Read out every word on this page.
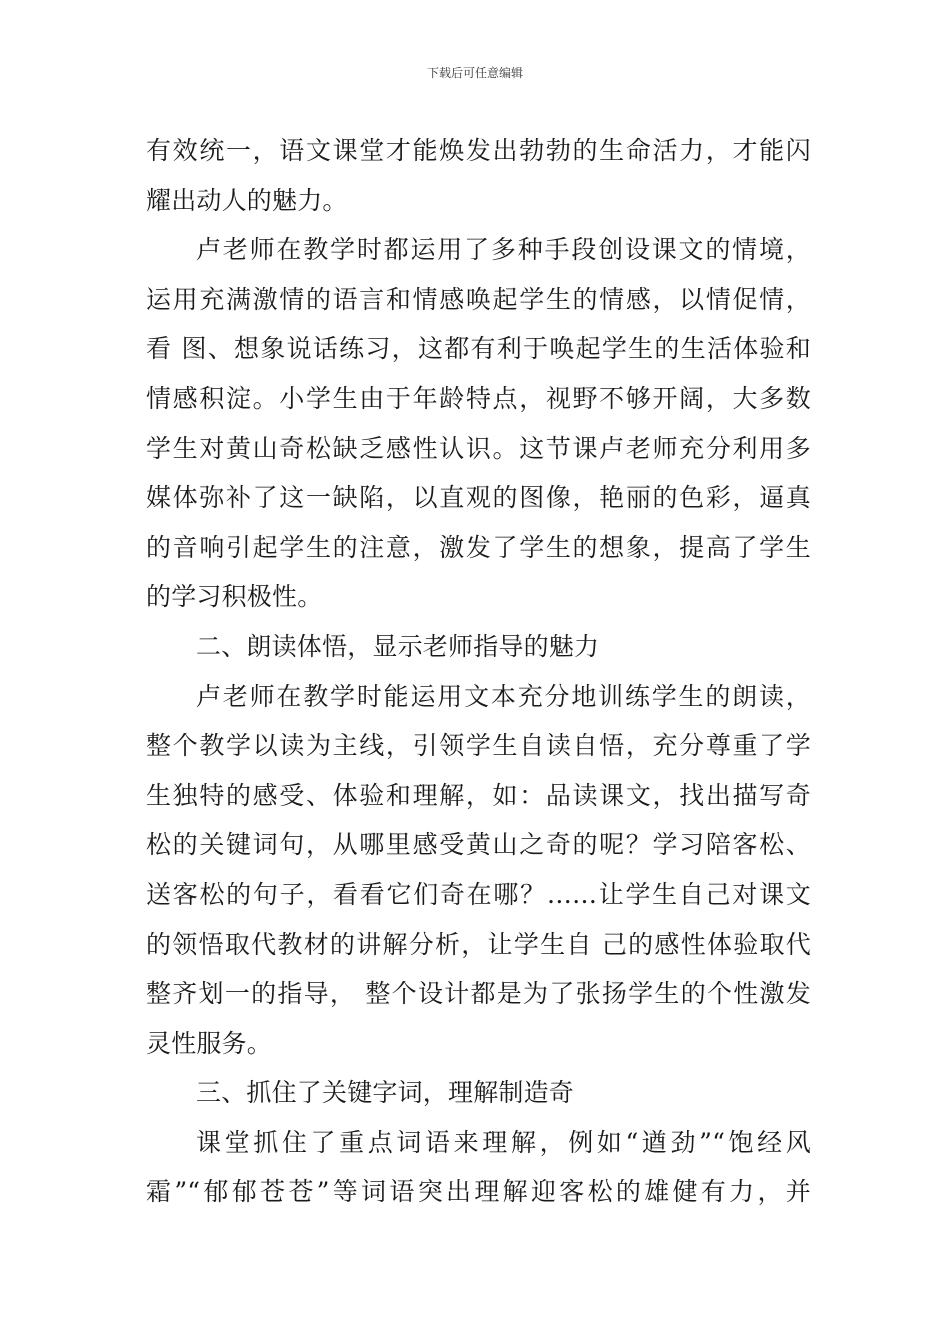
下载后可任意编辑
有效统一，语文课堂才能焕发出勃勃的生命活力，才能闪
耀出动人的魅力。
卢老师在教学时都运用了多种手段创设课文的情境，
运用充满激情的语言和情感唤起学生的情感，以情促情，
看 图、想象说话练习，这都有利于唤起学生的生活体验和
情感积淀。小学生由于年龄特点，视野不够开阔，大多数
学生对黄山奇松缺乏感性认识。这节课卢老师充分利用多
媒体弥补了这一缺陷，以直观的图像，艳丽的色彩，逼真
的音响引起学生的注意，激发了学生的想象，提高了学生
的学习积极性。
二、朗读体悟，显示老师指导的魅力
卢老师在教学时能运用文本充分地训练学生的朗读，
整个教学以读为主线，引领学生自读自悟，充分尊重了学
生独特的感受、体验和理解，如：品读课文，找出描写奇
松的关键词句，从哪里感受黄山之奇的呢？学习陪客松、
送客松的句子，看看它们奇在哪？……让学生自己对课文
的领悟取代教材的讲解分析，让学生自 己的感性体验取代
整齐划一的指导， 整个设计都是为了张扬学生的个性激发
灵性服务。
三、抓住了关键字词，理解制造奇
课堂抓住了重点词语来理解，例如“遒劲”“饱经风
霜”“郁郁苍苍”等词语突出理解迎客松的雄健有力，并
